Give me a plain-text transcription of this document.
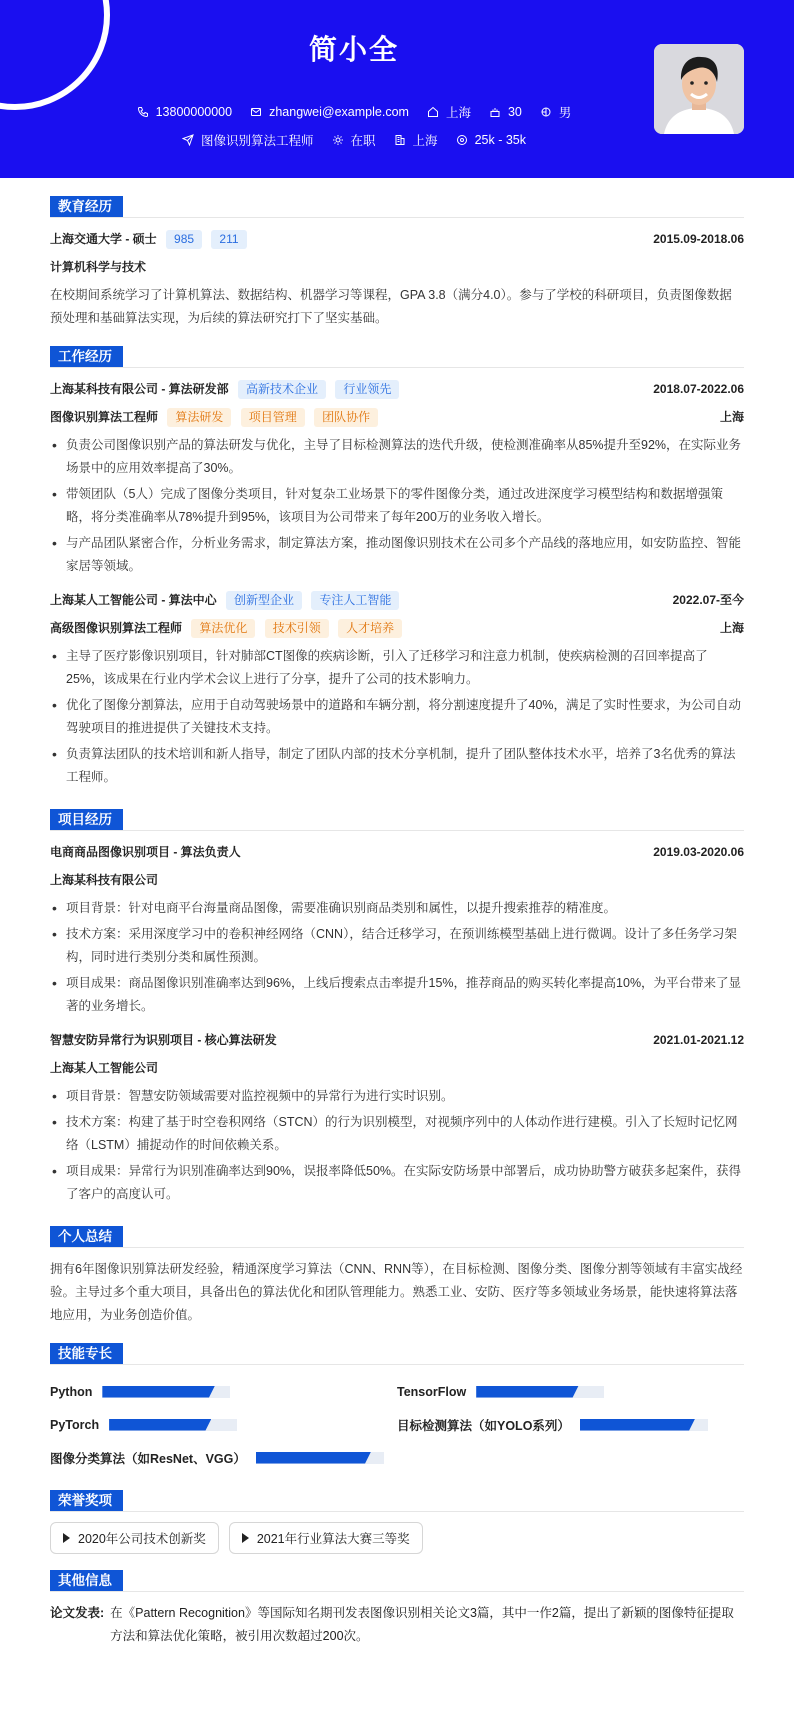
简小全
13800000000	zhangwei@example.com	上海	30	男
图像识别算法工程师	在职	上海	25k - 35k
教育经历
上海交通大学 - 硕士 985 211	2015.09-2018.06
计算机科学与技术
在校期间系统学习了计算机算法、数据结构、机器学习等课程，GPA 3.8（满分4.0）。参与了学校的科研项目，负责图像数据预处理和基础算法实现，为后续的算法研究打下了坚实基础。
工作经历
上海某科技有限公司 - 算法研发部 高新技术企业 行业领先	2018.07-2022.06
图像识别算法工程师 算法研发 项目管理 团队协作	上海
• 负责公司图像识别产品的算法研发与优化，主导了目标检测算法的迭代升级，使检测准确率从85%提升至92%，在实际业务场景中的应用效率提高了30%。
• 带领团队（5人）完成了图像分类项目，针对复杂工业场景下的零件图像分类，通过改进深度学习模型结构和数据增强策略，将分类准确率从78%提升到95%，该项目为公司带来了每年200万的业务收入增长。
• 与产品团队紧密合作，分析业务需求，制定算法方案，推动图像识别技术在公司多个产品线的落地应用，如安防监控、智能家居等领域。
上海某人工智能公司 - 算法中心 创新型企业 专注人工智能	2022.07-至今
高级图像识别算法工程师 算法优化 技术引领 人才培养	上海
• 主导了医疗影像识别项目，针对肺部CT图像的疾病诊断，引入了迁移学习和注意力机制，使疾病检测的召回率提高了25%，该成果在行业内学术会议上进行了分享，提升了公司的技术影响力。
• 优化了图像分割算法，应用于自动驾驶场景中的道路和车辆分割，将分割速度提升了40%，满足了实时性要求，为公司自动驾驶项目的推进提供了关键技术支持。
• 负责算法团队的技术培训和新人指导，制定了团队内部的技术分享机制，提升了团队整体技术水平，培养了3名优秀的算法工程师。
项目经历
电商商品图像识别项目 - 算法负责人	2019.03-2020.06
上海某科技有限公司
• 项目背景：针对电商平台海量商品图像，需要准确识别商品类别和属性，以提升搜索推荐的精准度。
• 技术方案：采用深度学习中的卷积神经网络（CNN），结合迁移学习，在预训练模型基础上进行微调。设计了多任务学习架构，同时进行类别分类和属性预测。
• 项目成果：商品图像识别准确率达到96%，上线后搜索点击率提升15%，推荐商品的购买转化率提高10%，为平台带来了显著的业务增长。
智慧安防异常行为识别项目 - 核心算法研发	2021.01-2021.12
上海某人工智能公司
• 项目背景：智慧安防领域需要对监控视频中的异常行为进行实时识别。
• 技术方案：构建了基于时空卷积网络（STCN）的行为识别模型，对视频序列中的人体动作进行建模。引入了长短时记忆网络（LSTM）捕捉动作的时间依赖关系。
• 项目成果：异常行为识别准确率达到90%，误报率降低50%。在实际安防场景中部署后，成功协助警方破获多起案件，获得了客户的高度认可。
个人总结
拥有6年图像识别算法研发经验，精通深度学习算法（CNN、RNN等），在目标检测、图像分类、图像分割等领域有丰富实战经验。主导过多个重大项目，具备出色的算法优化和团队管理能力。熟悉工业、安防、医疗等多领域业务场景，能快速将算法落地应用，为业务创造价值。
技能专长
Python	TensorFlow
PyTorch	目标检测算法（如YOLO系列）
图像分类算法（如ResNet、VGG）
荣誉奖项
2020年公司技术创新奖	2021年行业算法大赛三等奖
其他信息
论文发表: 在《Pattern Recognition》等国际知名期刊发表图像识别相关论文3篇，其中一作2篇，提出了新颖的图像特征提取方法和算法优化策略，被引用次数超过200次。
